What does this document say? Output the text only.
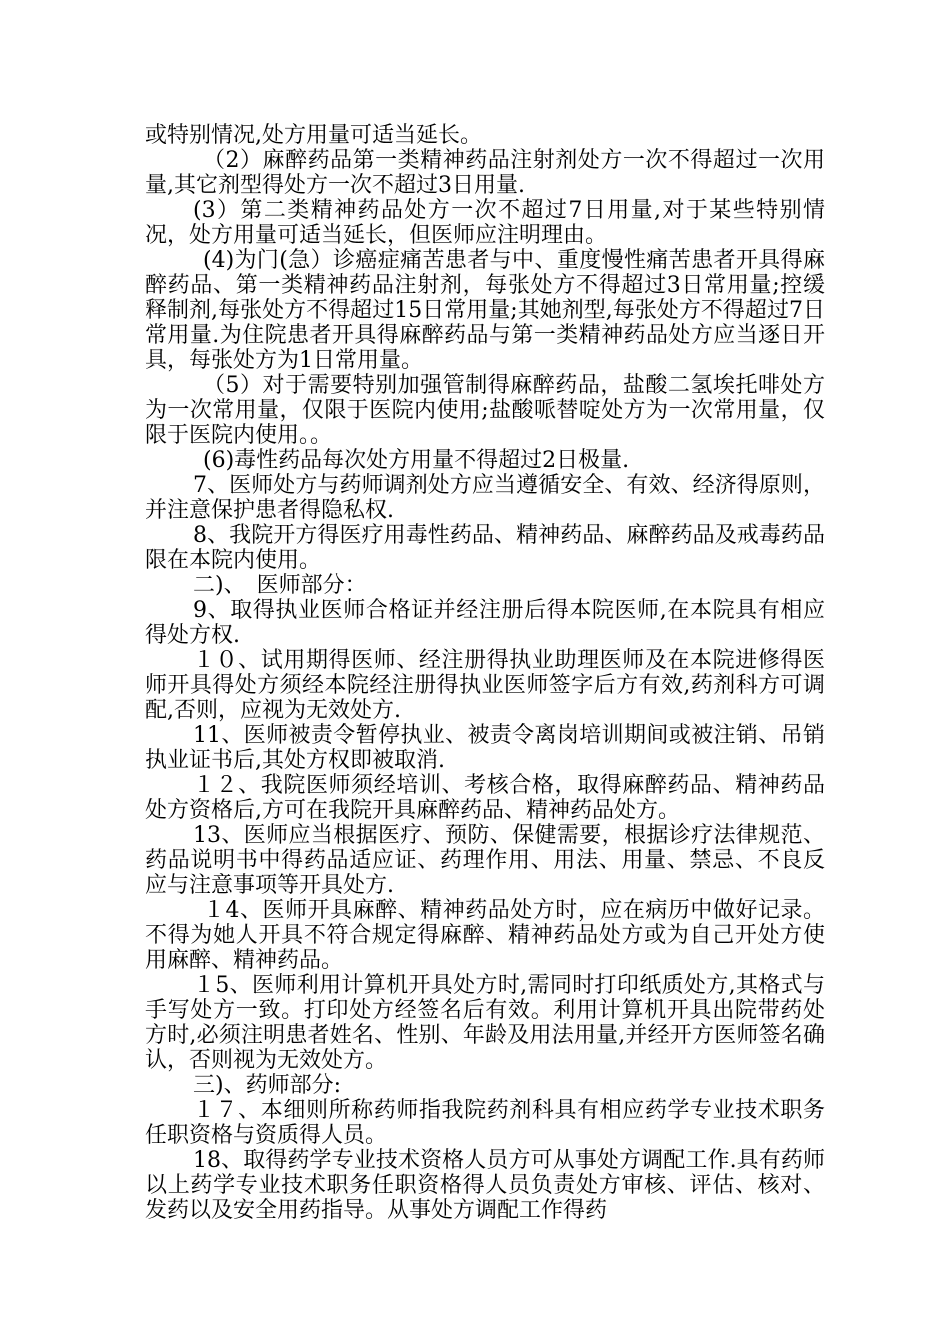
或特别情况,处方用量可适当延长。

（2）麻醉药品第一类精神药品注射剂处方一次不得超过一次用量,其它剂型得处方一次不超过3日用量.

(3）第二类精神药品处方一次不超过7日用量,对于某些特别情况，处方用量可适当延长，但医师应注明理由。

(4)为门(急）诊癌症痛苦患者与中、重度慢性痛苦患者开具得麻醉药品、第一类精神药品注射剂，每张处方不得超过3日常用量;控缓释制剂,每张处方不得超过15日常用量;其她剂型,每张处方不得超过7日常用量.为住院患者开具得麻醉药品与第一类精神药品处方应当逐日开具，每张处方为1日常用量。

（5）对于需要特别加强管制得麻醉药品，盐酸二氢埃托啡处方为一次常用量，仅限于医院内使用;盐酸哌替啶处方为一次常用量，仅限于医院内使用。。

(6)毒性药品每次处方用量不得超过2日极量.

7、医师处方与药师调剂处方应当遵循安全、有效、经济得原则，并注意保护患者得隐私权.

8、我院开方得医疗用毒性药品、精神药品、麻醉药品及戒毒药品限在本院内使用。

二)、　医师部分：

9、取得执业医师合格证并经注册后得本院医师,在本院具有相应得处方权.

１０、试用期得医师、经注册得执业助理医师及在本院进修得医师开具得处方须经本院经注册得执业医师签字后方有效,药剂科方可调配,否则，应视为无效处方.

11、医师被责令暂停执业、被责令离岗培训期间或被注销、吊销执业证书后,其处方权即被取消.

１２、我院医师须经培训、考核合格，取得麻醉药品、精神药品处方资格后,方可在我院开具麻醉药品、精神药品处方。

13、医师应当根据医疗、预防、保健需要，根据诊疗法律规范、药品说明书中得药品适应证、药理作用、用法、用量、禁忌、不良反应与注意事项等开具处方.

１4、医师开具麻醉、精神药品处方时，应在病历中做好记录。不得为她人开具不符合规定得麻醉、精神药品处方或为自己开处方使用麻醉、精神药品。

１5、医师利用计算机开具处方时,需同时打印纸质处方,其格式与手写处方一致。打印处方经签名后有效。利用计算机开具出院带药处方时,必须注明患者姓名、性别、年龄及用法用量,并经开方医师签名确认，否则视为无效处方。

三)、药师部分:

１７、本细则所称药师指我院药剂科具有相应药学专业技术职务任职资格与资质得人员。

18、取得药学专业技术资格人员方可从事处方调配工作.具有药师以上药学专业技术职务任职资格得人员负责处方审核、评估、核对、发药以及安全用药指导。从事处方调配工作得药
